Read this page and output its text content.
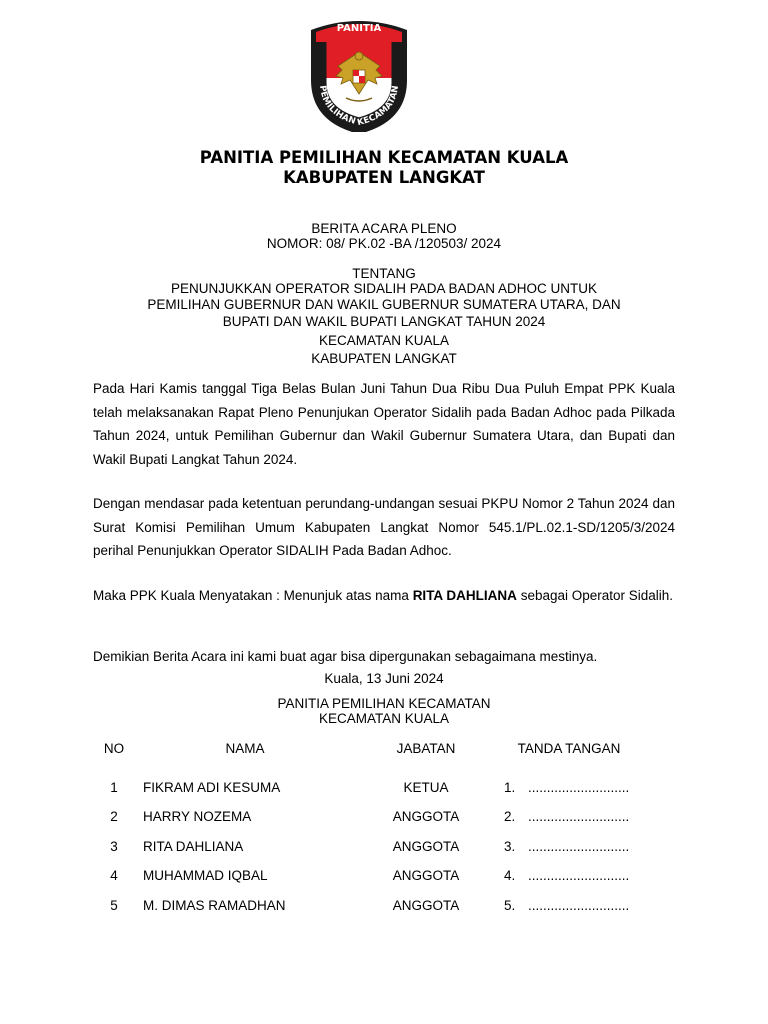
PANITIA
PEMILIHAN KECAMATAN
PANITIA PEMILIHAN KECAMATAN KUALA
KABUPATEN LANGKAT
BERITA ACARA PLENO
NOMOR: 08/ PK.02 -BA /120503/ 2024
TENTANG
PENUNJUKKAN OPERATOR SIDALIH PADA BADAN ADHOC UNTUK
PEMILIHAN GUBERNUR DAN WAKIL GUBERNUR SUMATERA UTARA, DAN
BUPATI DAN WAKIL BUPATI LANGKAT TAHUN 2024
KECAMATAN KUALA
KABUPATEN LANGKAT
Pada Hari Kamis tanggal Tiga Belas Bulan Juni Tahun Dua Ribu Dua Puluh Empat PPK Kuala telah melaksanakan Rapat Pleno Penunjukan Operator Sidalih pada Badan Adhoc pada Pilkada Tahun 2024, untuk Pemilihan Gubernur dan Wakil Gubernur Sumatera Utara, dan Bupati dan Wakil Bupati Langkat Tahun 2024.
Dengan mendasar pada ketentuan perundang-undangan sesuai PKPU Nomor 2 Tahun 2024 dan Surat Komisi Pemilihan Umum Kabupaten Langkat Nomor 545.1/PL.02.1-SD/1205/3/2024 perihal Penunjukkan Operator SIDALIH Pada Badan Adhoc.
Maka PPK Kuala Menyatakan : Menunjuk atas nama RITA DAHLIANA sebagai Operator Sidalih.
Demikian Berita Acara ini kami buat agar bisa dipergunakan sebagaimana mestinya.
Kuala, 13 Juni 2024
PANITIA PEMILIHAN KECAMATAN
KECAMATAN KUALA
NO	NAMA	JABATAN	TANDA TANGAN
1	FIKRAM ADI KESUMA	KETUA	1. ...........................
2	HARRY NOZEMA	ANGGOTA	2. ...........................
3	RITA DAHLIANA	ANGGOTA	3. ...........................
4	MUHAMMAD IQBAL	ANGGOTA	4. ...........................
5	M. DIMAS RAMADHAN	ANGGOTA	5. ...........................
